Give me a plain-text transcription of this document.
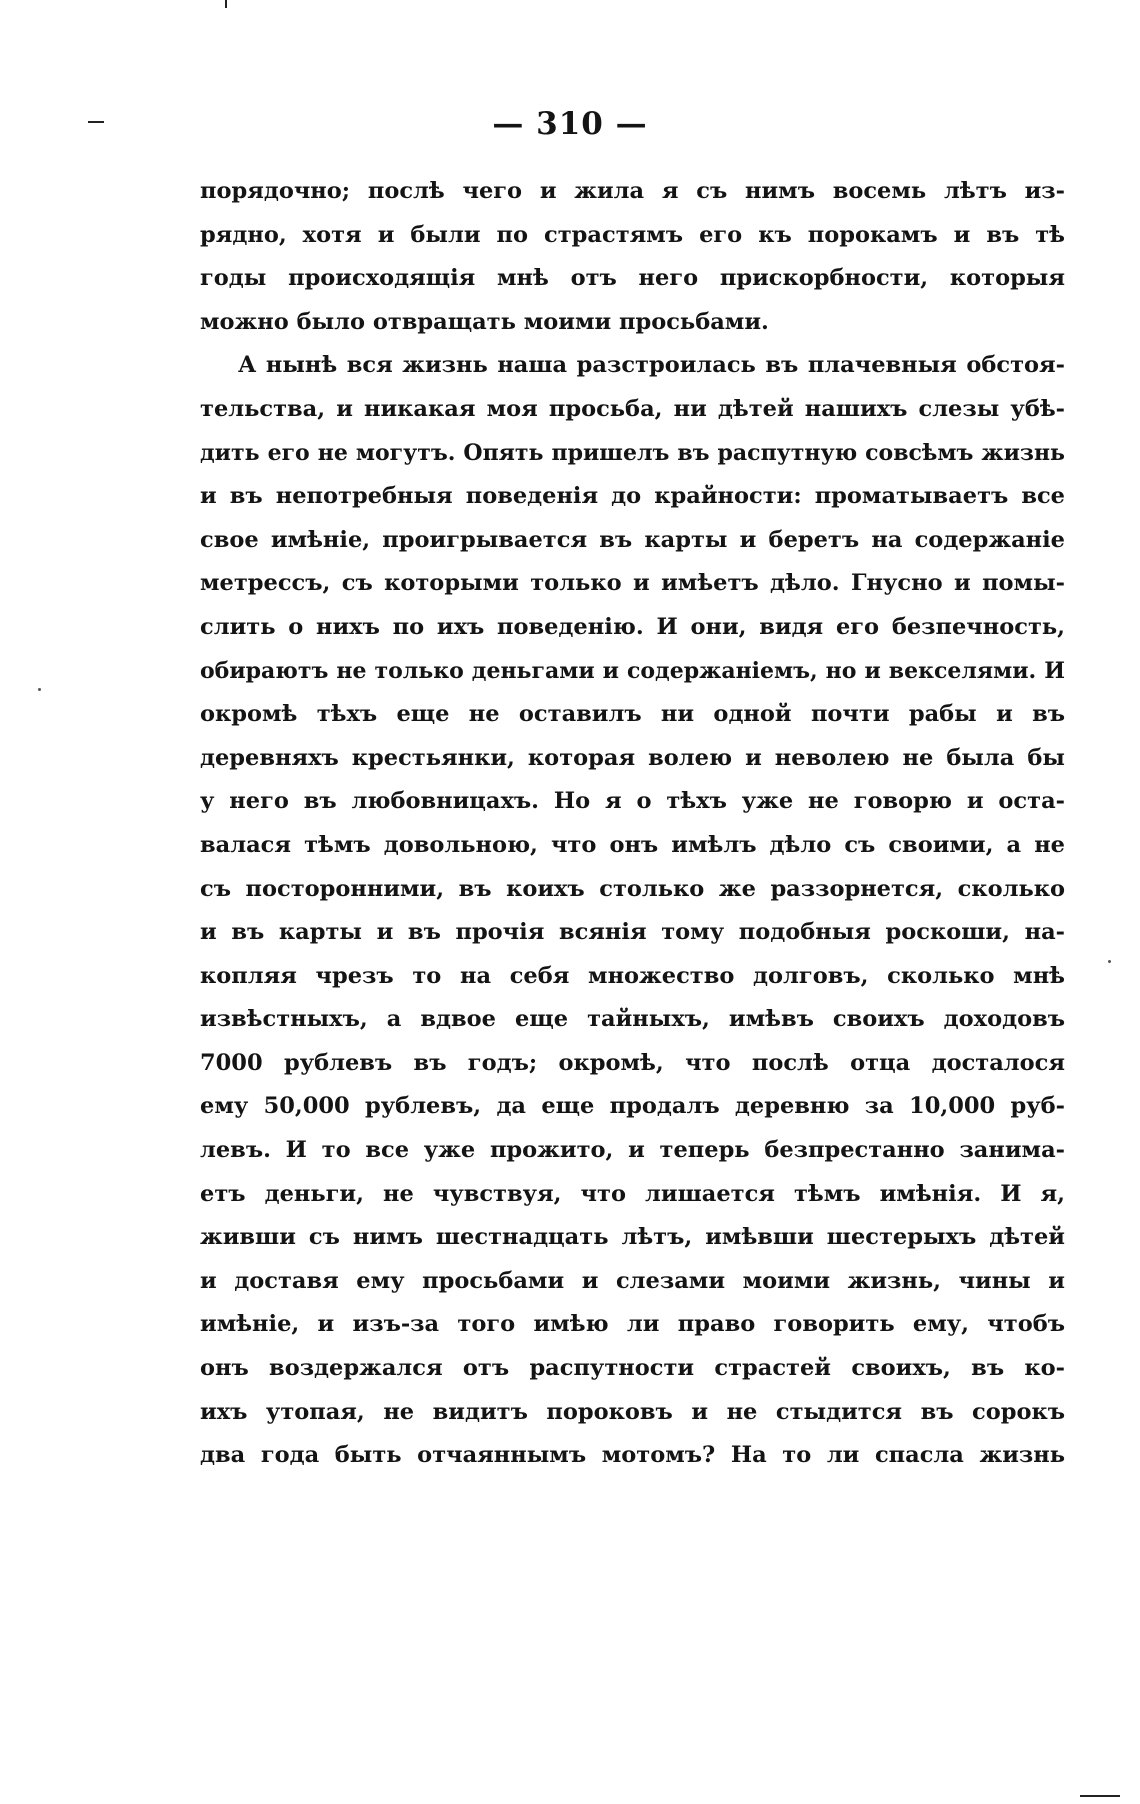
— 310 —
порядочно; послѣ чего и жила я съ нимъ восемь лѣтъ из-
рядно, хотя и были по страстямъ его къ порокамъ и въ тѣ
годы происходящія мнѣ отъ него прискорбности, которыя
можно было отвращать моими просьбами.
А нынѣ вся жизнь наша разстроилась въ плачевныя обстоя-
тельства, и никакая моя просьба, ни дѣтей нашихъ слезы убѣ-
дить его не могутъ. Опять пришелъ въ распутную совсѣмъ жизнь
и въ непотребныя поведенія до крайности: проматываетъ все
свое имѣніе, проигрывается въ карты и беретъ на содержаніе
метрессъ, съ которыми только и имѣетъ дѣло. Гнусно и помы-
слить о нихъ по ихъ поведенію. И они, видя его безпечность,
обираютъ не только деньгами и содержаніемъ, но и векселями. И
окромѣ тѣхъ еще не оставилъ ни одной почти рабы и въ
деревняхъ крестьянки, которая волею и неволею не была бы
у него въ любовницахъ. Но я о тѣхъ уже не говорю и оста-
валася тѣмъ довольною, что онъ имѣлъ дѣло съ своими, а не
съ посторонними, въ коихъ столько же раззорнется, сколько
и въ карты и въ прочія всянія тому подобныя роскоши, на-
копляя чрезъ то на себя множество долговъ, сколько мнѣ
извѣстныхъ, а вдвое еще тайныхъ, имѣвъ своихъ доходовъ
7000 рублевъ въ годъ; окромѣ, что послѣ отца досталося
ему 50,000 рублевъ, да еще продалъ деревню за 10,000 руб-
левъ. И то все уже прожито, и теперь безпрестанно занима-
етъ деньги, не чувствуя, что лишается тѣмъ имѣнія. И я,
живши съ нимъ шестнадцать лѣтъ, имѣвши шестерыхъ дѣтей
и доставя ему просьбами и слезами моими жизнь, чины и
имѣніе, и изъ-за того имѣю ли право говорить ему, чтобъ
онъ воздержался отъ распутности страстей своихъ, въ ко-
ихъ утопая, не видитъ пороковъ и не стыдится въ сорокъ
два года быть отчаяннымъ мотомъ? На то ли спасла жизнь
